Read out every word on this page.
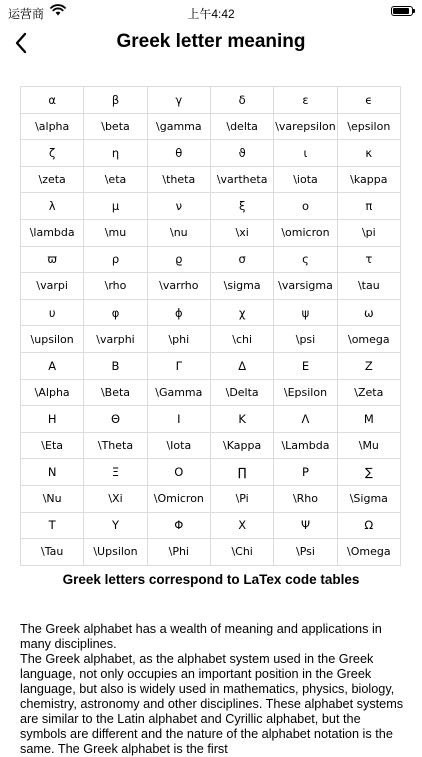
运营商	上午4:42
Greek letter meaning
α	β	γ	δ	ε	ϵ
\alpha	\beta	\gamma	\delta	\varepsilon	\epsilon
ζ	η	θ	ϑ	ι	κ
\zeta	\eta	\theta	\vartheta	\iota	\kappa
λ	μ	ν	ξ	o	π
\lambda	\mu	\nu	\xi	\omicron	\pi
ϖ	ρ	ϱ	σ	ς	τ
\varpi	\rho	\varrho	\sigma	\varsigma	\tau
υ	φ	ϕ	χ	ψ	ω
\upsilon	\varphi	\phi	\chi	\psi	\omega
A	B	Γ	Δ	E	Z
\Alpha	\Beta	\Gamma	\Delta	\Epsilon	\Zeta
H	Θ	I	K	Λ	M
\Eta	\Theta	\Iota	\Kappa	\Lambda	\Mu
N	Ξ	O	∏	P	∑
\Nu	\Xi	\Omicron	\Pi	\Rho	\Sigma
T	Y	Φ	X	Ψ	Ω
\Tau	\Upsilon	\Phi	\Chi	\Psi	\Omega
Greek letters correspond to LaTex code tables

The Greek alphabet has a wealth of meaning and applications in many disciplines.

The Greek alphabet, as the alphabet system used in the Greek language, not only occupies an important position in the Greek language, but also is widely used in mathematics, physics, biology, chemistry, astronomy and other disciplines. These alphabet systems are similar to the Latin alphabet and Cyrillic alphabet, but the symbols are different and the nature of the alphabet notation is the same. The Greek alphabet is the first
